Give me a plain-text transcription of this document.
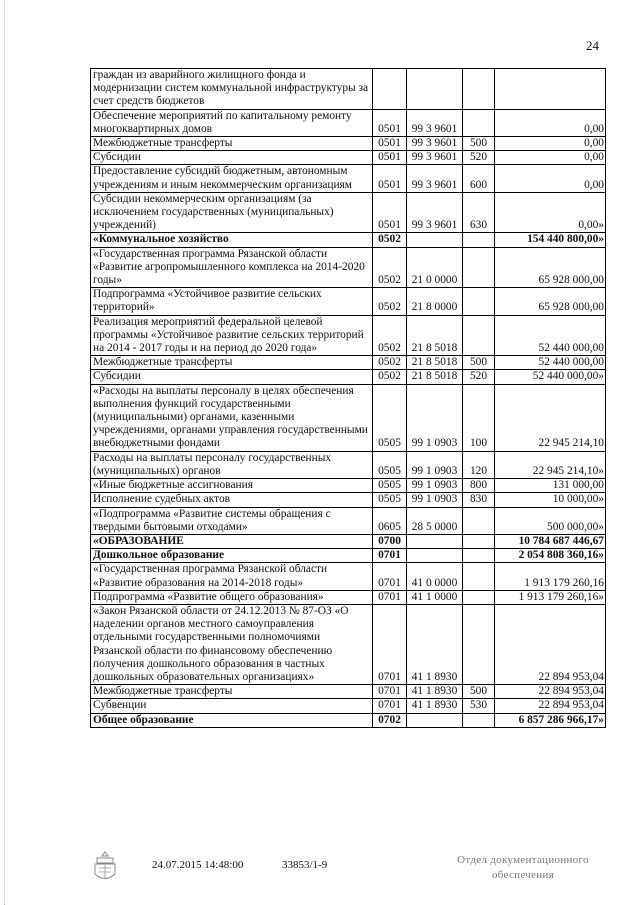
24
граждан из аварийного жилищного фонда и модернизации систем коммунальной инфраструктуры за счет средств бюджетов				
Обеспечение мероприятий по капитальному ремонту многоквартирных домов	0501	99 3 9601		0,00
Межбюджетные трансферты	0501	99 3 9601	500	0,00
Субсидии	0501	99 3 9601	520	0,00
Предоставление субсидий бюджетным, автономным учреждениям и иным некоммерческим организациям	0501	99 3 9601	600	0,00
Субсидии некоммерческим организациям (за исключением государственных (муниципальных) учреждений)	0501	99 3 9601	630	0,00»
«Коммунальное хозяйство	0502			154 440 800,00»
«Государственная программа Рязанской области «Развитие агропромышленного комплекса на 2014-2020 годы»	0502	21 0 0000		65 928 000,00
Подпрограмма «Устойчивое развитие сельских территорий»	0502	21 8 0000		65 928 000,00
Реализация мероприятий федеральной целевой программы «Устойчивое развитие сельских территорий на 2014 - 2017 годы и на период до 2020 года»	0502	21 8 5018		52 440 000,00
Межбюджетные трансферты	0502	21 8 5018	500	52 440 000,00
Субсидии	0502	21 8 5018	520	52 440 000,00»
«Расходы на выплаты персоналу в целях обеспечения выполнения функций государственными (муниципальными) органами, казенными учреждениями, органами управления государственными внебюджетными фондами	0505	99 1 0903	100	22 945 214,10
Расходы на выплаты персоналу государственных (муниципальных) органов	0505	99 1 0903	120	22 945 214,10»
«Иные бюджетные ассигнования	0505	99 1 0903	800	131 000,00
Исполнение судебных актов	0505	99 1 0903	830	10 000,00»
«Подпрограмма «Развитие системы обращения с твердыми бытовыми отходами»	0605	28 5 0000		500 000,00»
«ОБРАЗОВАНИЕ	0700			10 784 687 446,67
Дошкольное образование	0701			2 054 808 360,16»
«Государственная программа Рязанской области «Развитие образования на 2014-2018 годы»	0701	41 0 0000		1 913 179 260,16
Подпрограмма «Развитие общего образования»	0701	41 1 0000		1 913 179 260,16»
«Закон Рязанской области от 24.12.2013 № 87-ОЗ «О наделении органов местного самоуправления отдельными государственными полномочиями Рязанской области по финансовому обеспечению получения дошкольного образования в частных дошкольных образовательных организациях»	0701	41 1 8930		22 894 953,04
Межбюджетные трансферты	0701	41 1 8930	500	22 894 953,04
Субвенции	0701	41 1 8930	530	22 894 953,04
Общее образование	0702			6 857 286 966,17»
24.07.2015 14:48:00	33853/1-9	Отдел документационного
обеспечения
